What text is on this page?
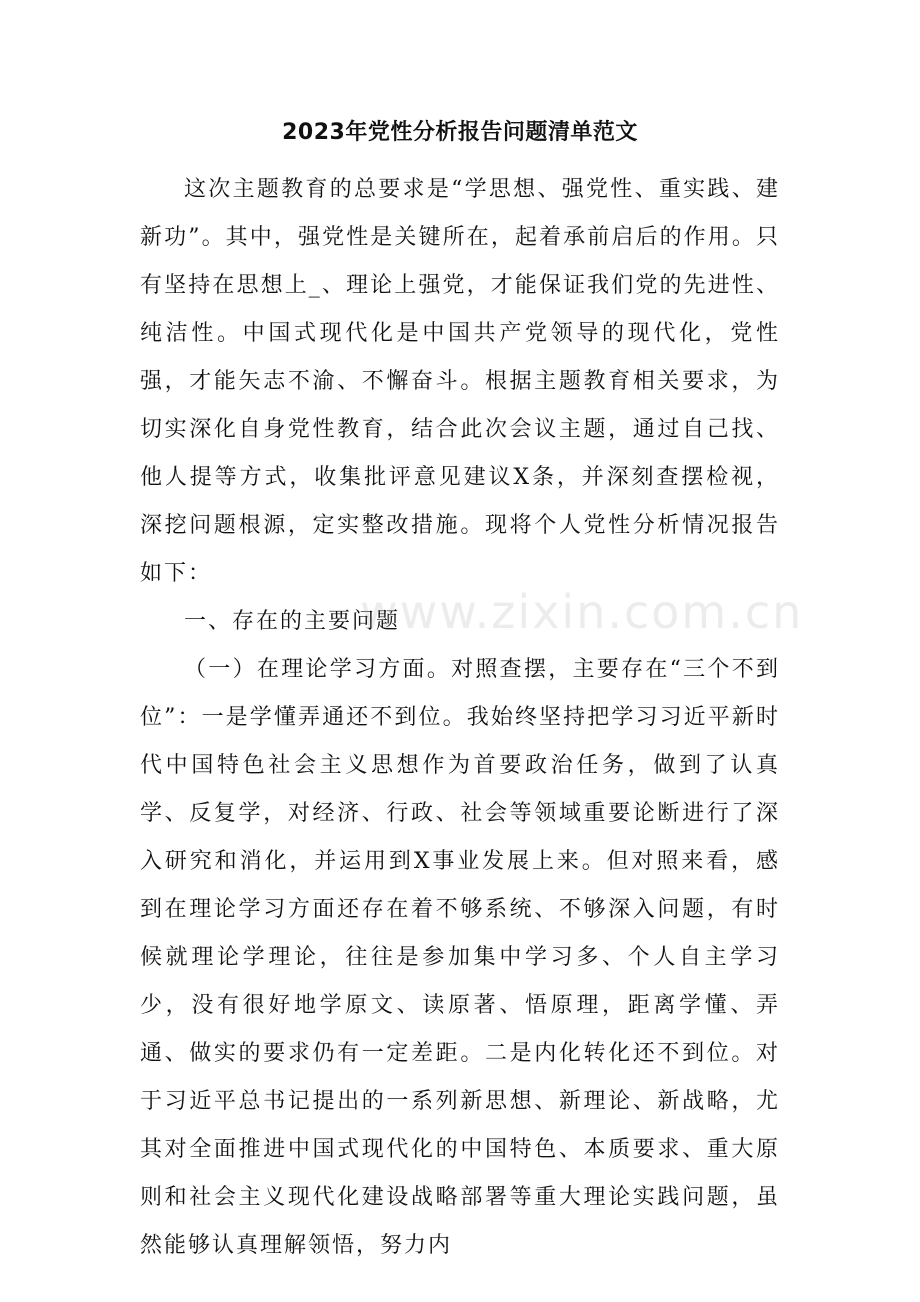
2023年党性分析报告问题清单范文

这次主题教育的总要求是“学思想、强党性、重实践、建新功”。其中，强党性是关键所在，起着承前启后的作用。只有坚持在思想上_、理论上强党，才能保证我们党的先进性、纯洁性。中国式现代化是中国共产党领导的现代化，党性强，才能矢志不渝、不懈奋斗。根据主题教育相关要求，为切实深化自身党性教育，结合此次会议主题，通过自己找、他人提等方式，收集批评意见建议X条，并深刻查摆检视，深挖问题根源，定实整改措施。现将个人党性分析情况报告如下：

一、存在的主要问题

（一）在理论学习方面。对照查摆，主要存在“三个不到位”：一是学懂弄通还不到位。我始终坚持把学习习近平新时代中国特色社会主义思想作为首要政治任务，做到了认真学、反复学，对经济、行政、社会等领域重要论断进行了深入研究和消化，并运用到X事业发展上来。但对照来看，感到在理论学习方面还存在着不够系统、不够深入问题，有时候就理论学理论，往往是参加集中学习多、个人自主学习少，没有很好地学原文、读原著、悟原理，距离学懂、弄通、做实的要求仍有一定差距。二是内化转化还不到位。对于习近平总书记提出的一系列新思想、新理论、新战略，尤其对全面推进中国式现代化的中国特色、本质要求、重大原则和社会主义现代化建设战略部署等重大理论实践问题，虽然能够认真理解领悟，努力内

www.zixin.com.cn
